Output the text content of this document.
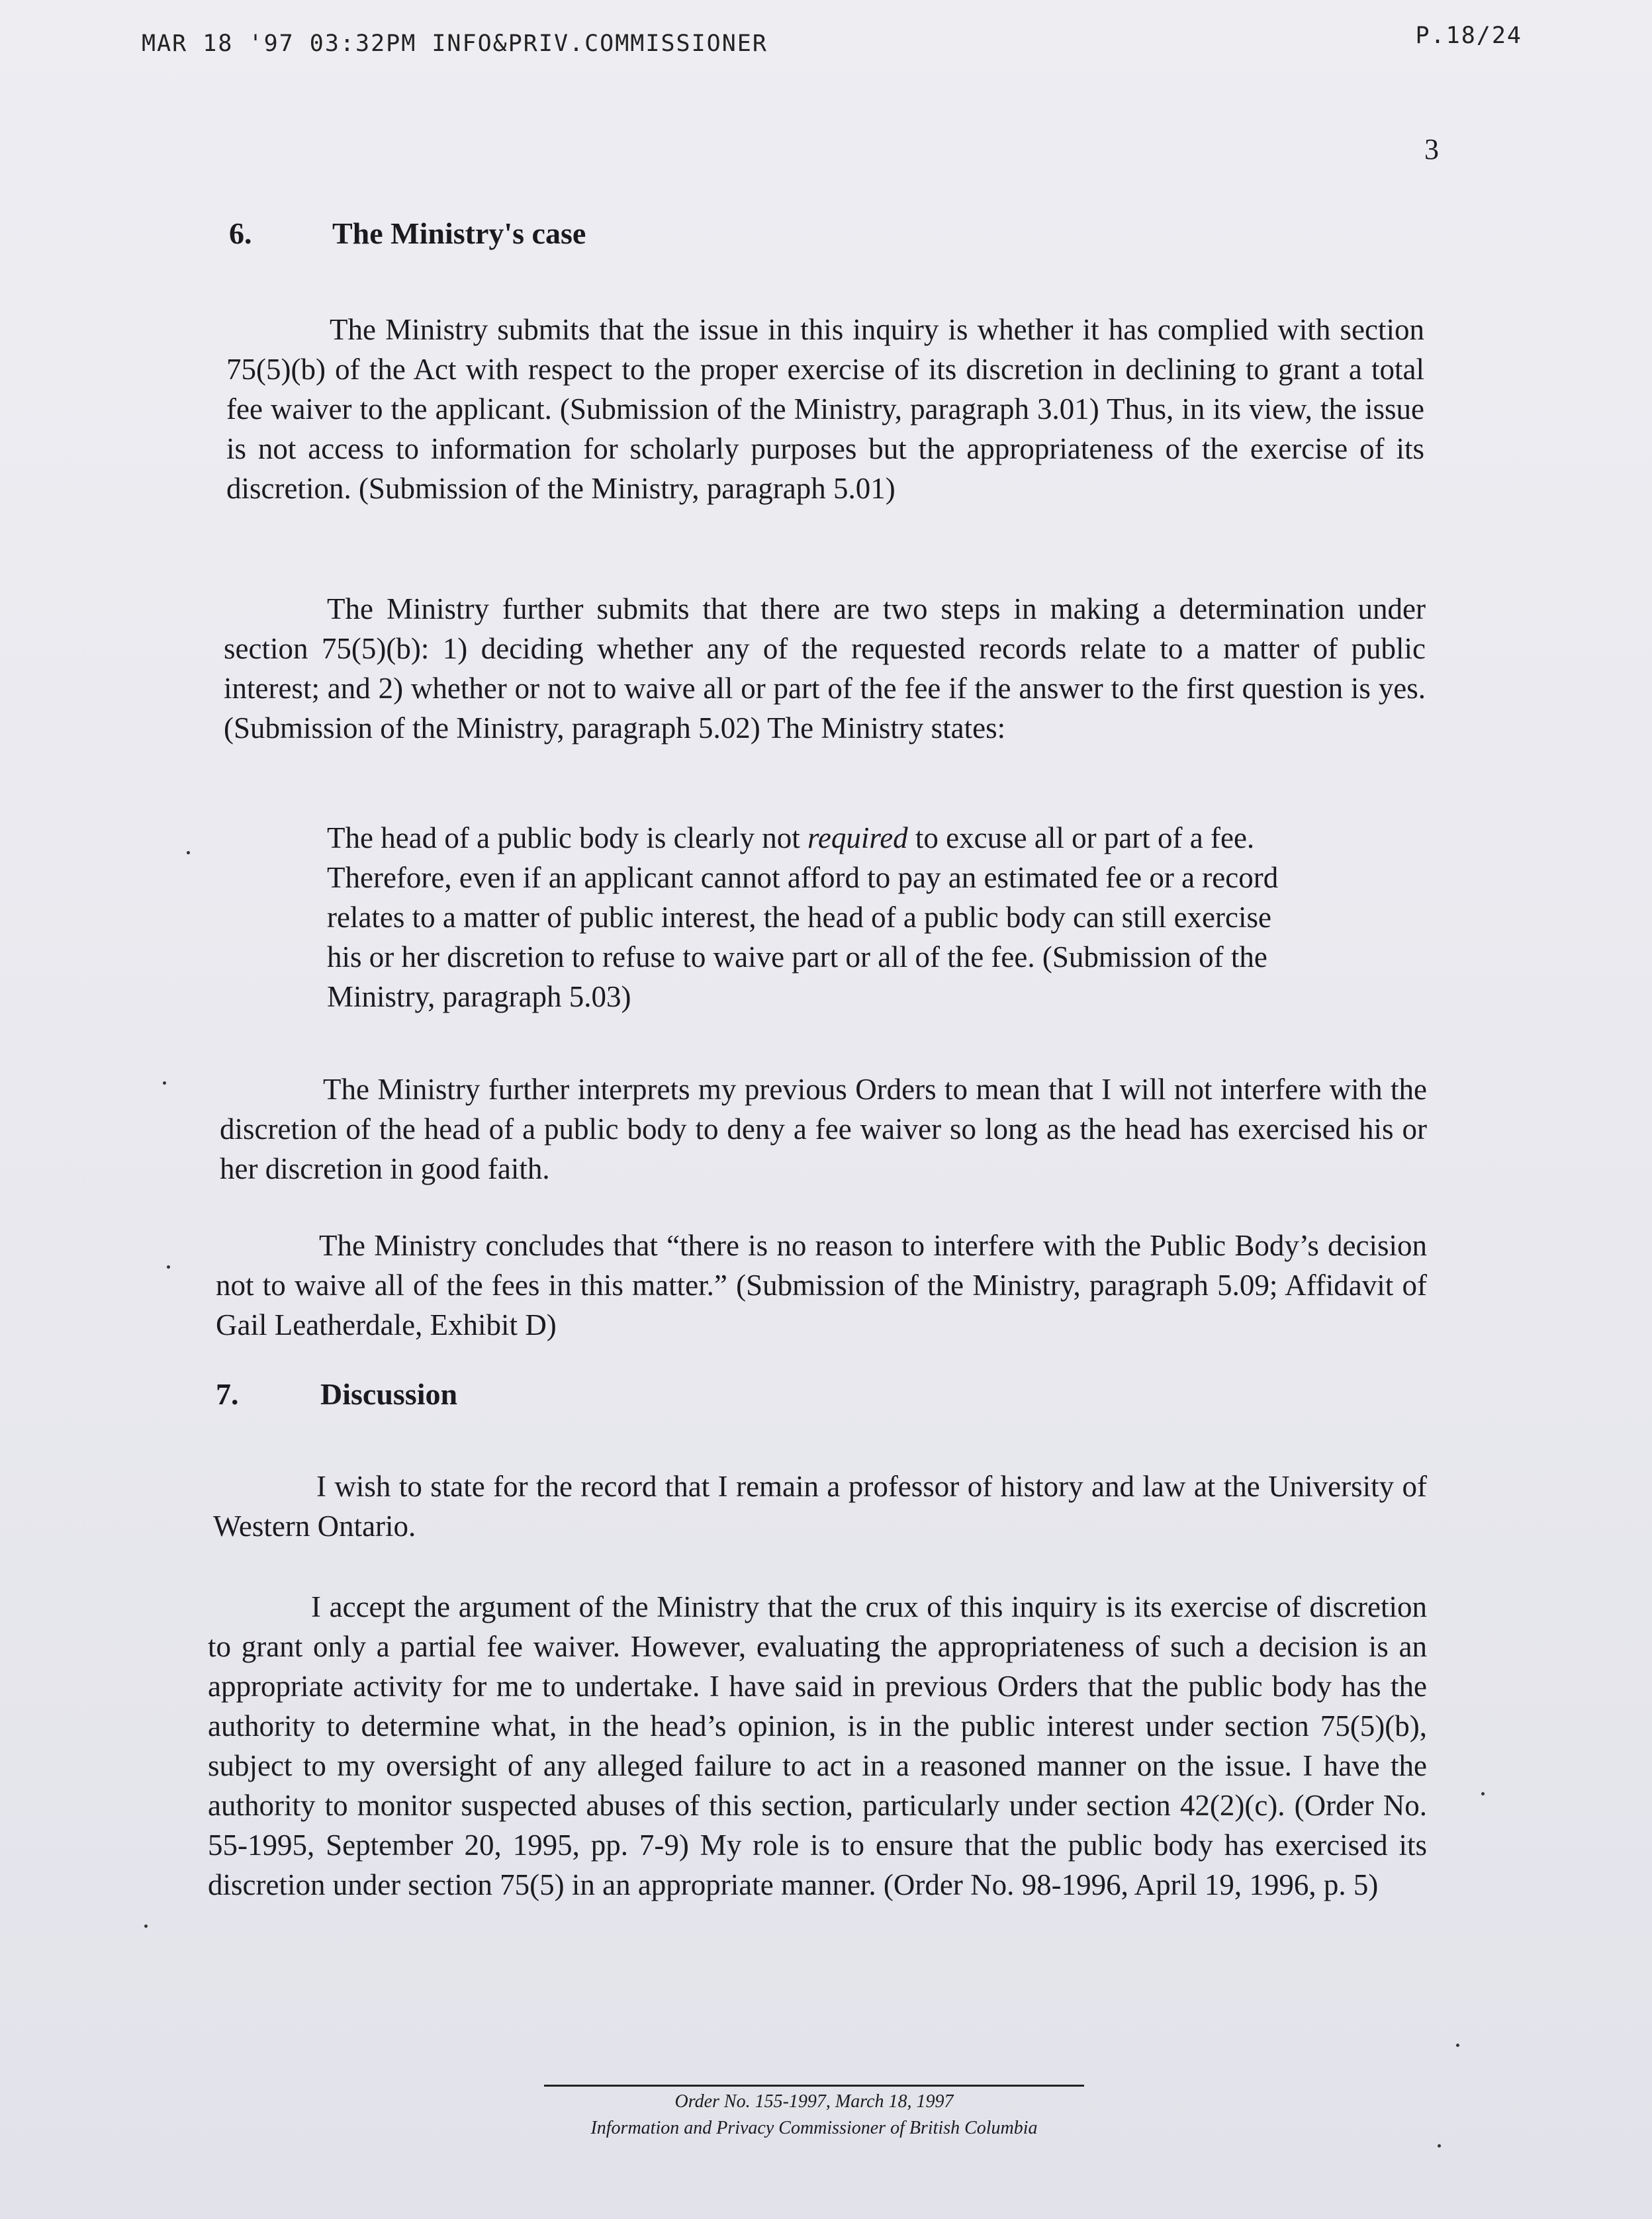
MAR 18 '97 03:32PM INFO&PRIV.COMMISSIONER	P.18/24
3
6.	The Ministry's case

The Ministry submits that the issue in this inquiry is whether it has complied with section 75(5)(b) of the Act with respect to the proper exercise of its discretion in declining to grant a total fee waiver to the applicant. (Submission of the Ministry, paragraph 3.01) Thus, in its view, the issue is not access to information for scholarly purposes but the appropriateness of the exercise of its discretion. (Submission of the Ministry, paragraph 5.01)

The Ministry further submits that there are two steps in making a determination under section 75(5)(b): 1) deciding whether any of the requested records relate to a matter of public interest; and 2) whether or not to waive all or part of the fee if the answer to the first question is yes. (Submission of the Ministry, paragraph 5.02) The Ministry states:

The head of a public body is clearly not required to excuse all or part of a fee. Therefore, even if an applicant cannot afford to pay an estimated fee or a record relates to a matter of public interest, the head of a public body can still exercise his or her discretion to refuse to waive part or all of the fee. (Submission of the Ministry, paragraph 5.03)

The Ministry further interprets my previous Orders to mean that I will not interfere with the discretion of the head of a public body to deny a fee waiver so long as the head has exercised his or her discretion in good faith.

The Ministry concludes that “there is no reason to interfere with the Public Body’s decision not to waive all of the fees in this matter.” (Submission of the Ministry, paragraph 5.09; Affidavit of Gail Leatherdale, Exhibit D)

7.	Discussion

I wish to state for the record that I remain a professor of history and law at the University of Western Ontario.

I accept the argument of the Ministry that the crux of this inquiry is its exercise of discretion to grant only a partial fee waiver. However, evaluating the appropriateness of such a decision is an appropriate activity for me to undertake. I have said in previous Orders that the public body has the authority to determine what, in the head’s opinion, is in the public interest under section 75(5)(b), subject to my oversight of any alleged failure to act in a reasoned manner on the issue. I have the authority to monitor suspected abuses of this section, particularly under section 42(2)(c). (Order No. 55-1995, September 20, 1995, pp. 7-9) My role is to ensure that the public body has exercised its discretion under section 75(5) in an appropriate manner. (Order No. 98-1996, April 19, 1996, p. 5)

Order No. 155-1997, March 18, 1997
Information and Privacy Commissioner of British Columbia
